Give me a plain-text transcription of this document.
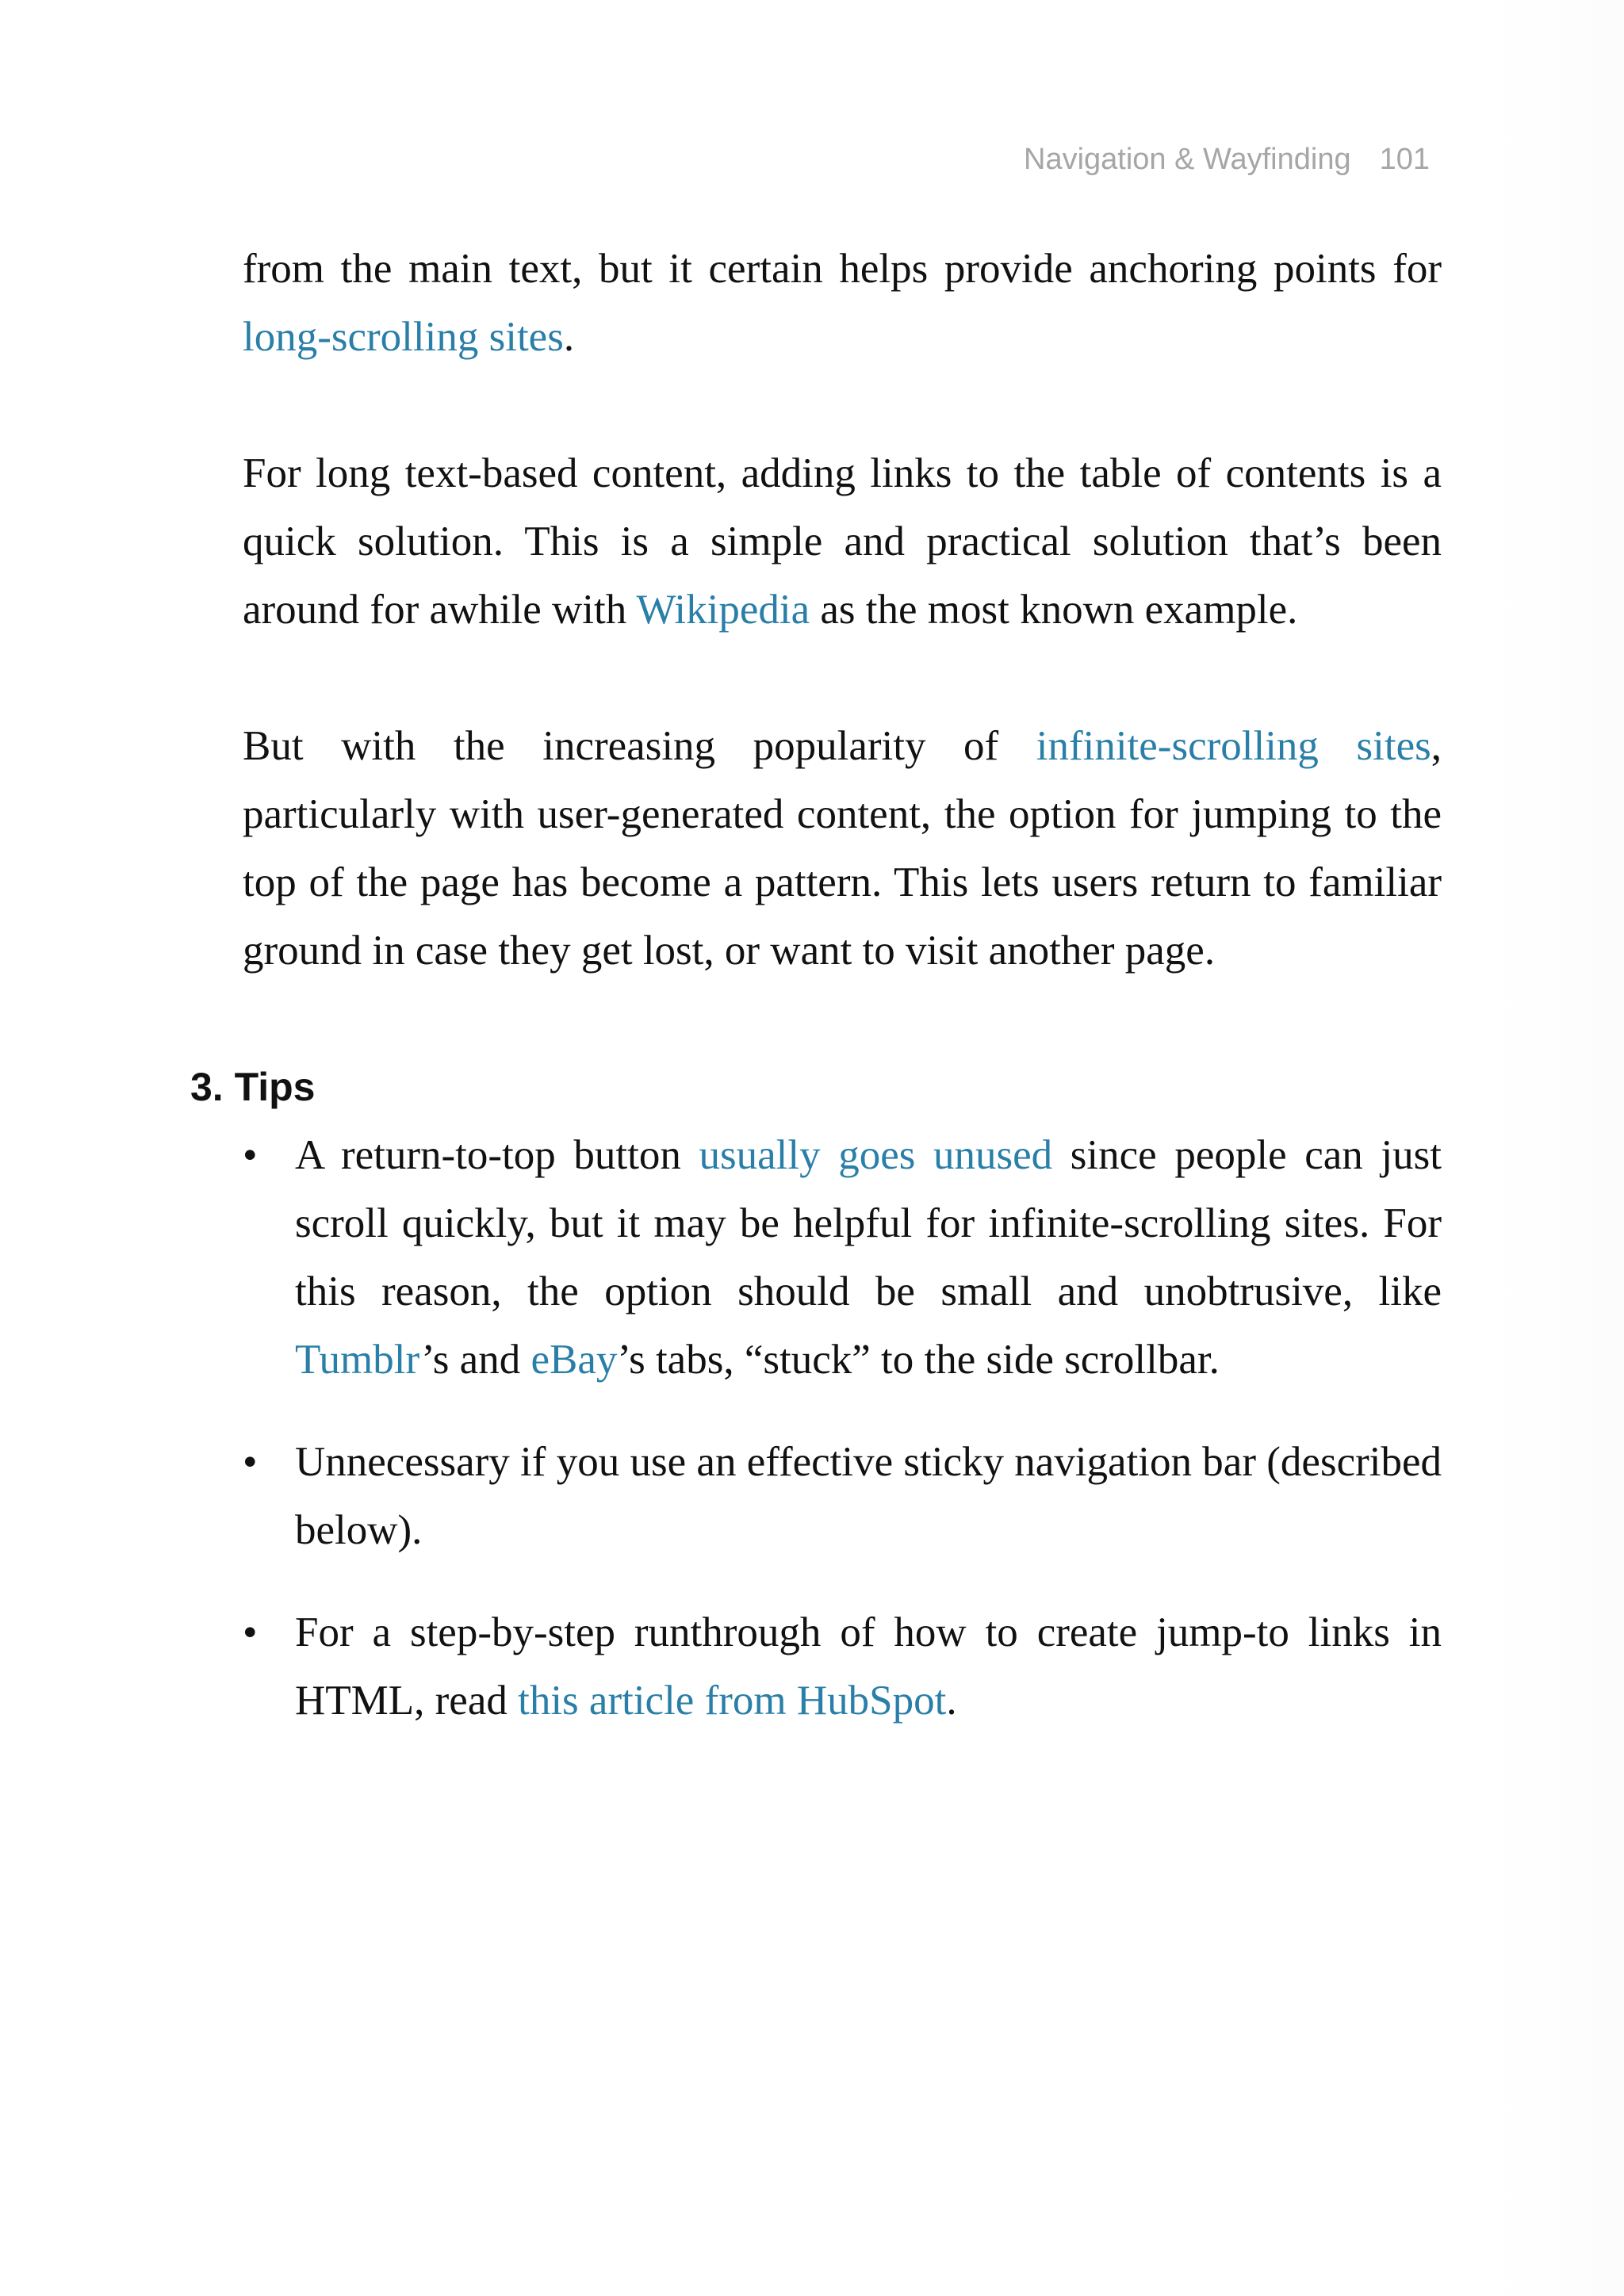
Navigation & Wayfinding 101

from the main text, but it certain helps provide anchoring points for long-scrolling sites.

For long text-based content, adding links to the table of contents is a quick solution. This is a simple and practical solution that’s been around for awhile with Wikipedia as the most known example.

But with the increasing popularity of infinite-scrolling sites, particularly with user-generated content, the option for jumping to the top of the page has become a pattern. This lets users return to familiar ground in case they get lost, or want to visit another page.

3. Tips
• A return-to-top button usually goes unused since people can just scroll quickly, but it may be helpful for infinite-scrolling sites. For this reason, the option should be small and unobtrusive, like Tumblr’s and eBay’s tabs, “stuck” to the side scrollbar.
• Unnecessary if you use an effective sticky navigation bar (described below).
• For a step-by-step runthrough of how to create jump-to links in HTML, read this article from HubSpot.
